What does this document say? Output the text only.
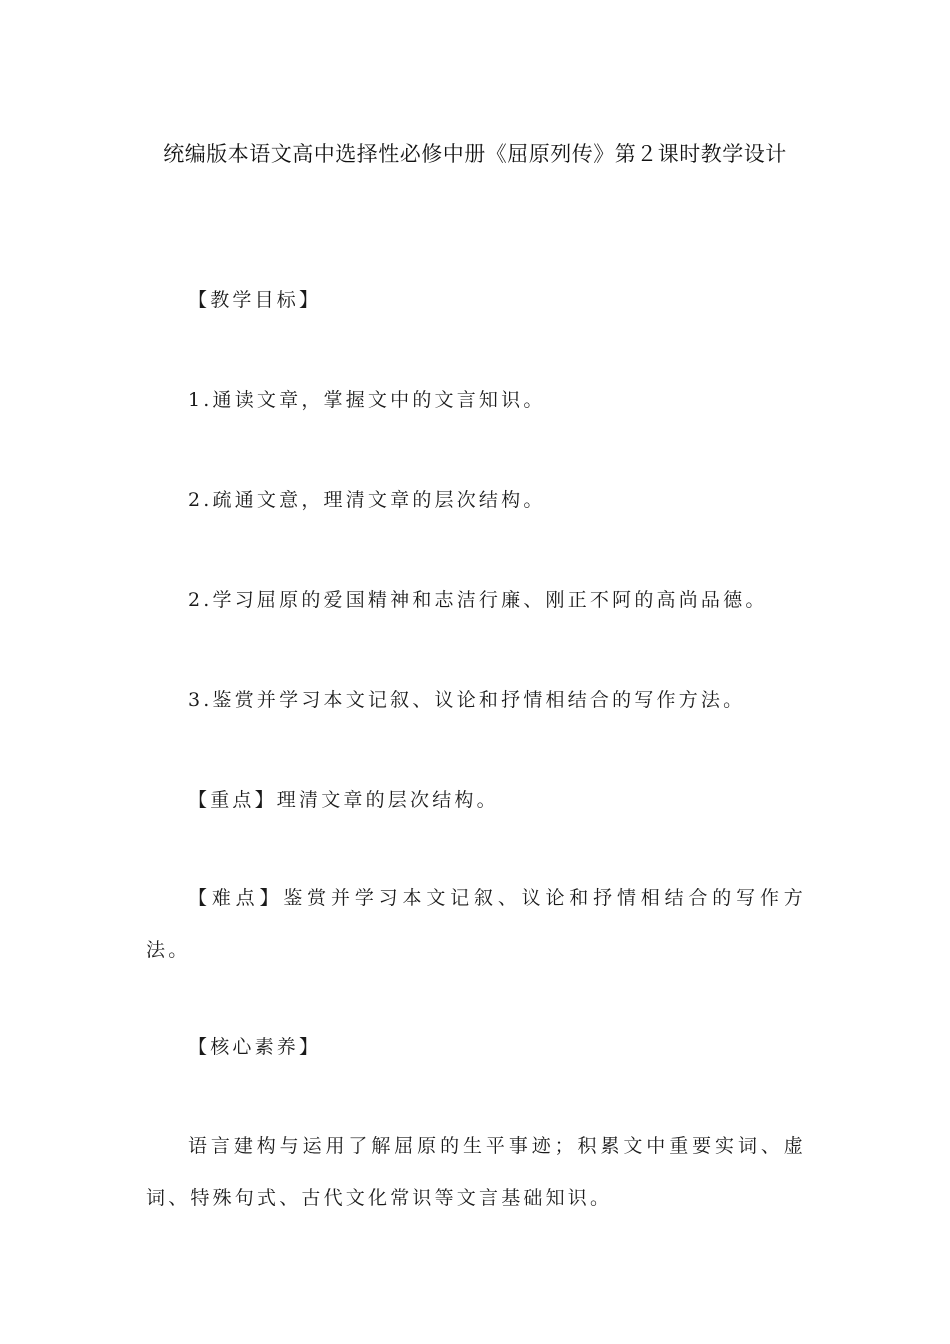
统编版本语文高中选择性必修中册《屈原列传》第２课时教学设计
【教学目标】
1.通读文章，掌握文中的文言知识。
2.疏通文意，理清文章的层次结构。
2.学习屈原的爱国精神和志洁行廉、刚正不阿的高尚品德。
3.鉴赏并学习本文记叙、议论和抒情相结合的写作方法。
【重点】理清文章的层次结构。
【难点】鉴赏并学习本文记叙、议论和抒情相结合的写作方法。
【核心素养】
语言建构与运用了解屈原的生平事迹；积累文中重要实词、虚词、特殊句式、古代文化常识等文言基础知识。
